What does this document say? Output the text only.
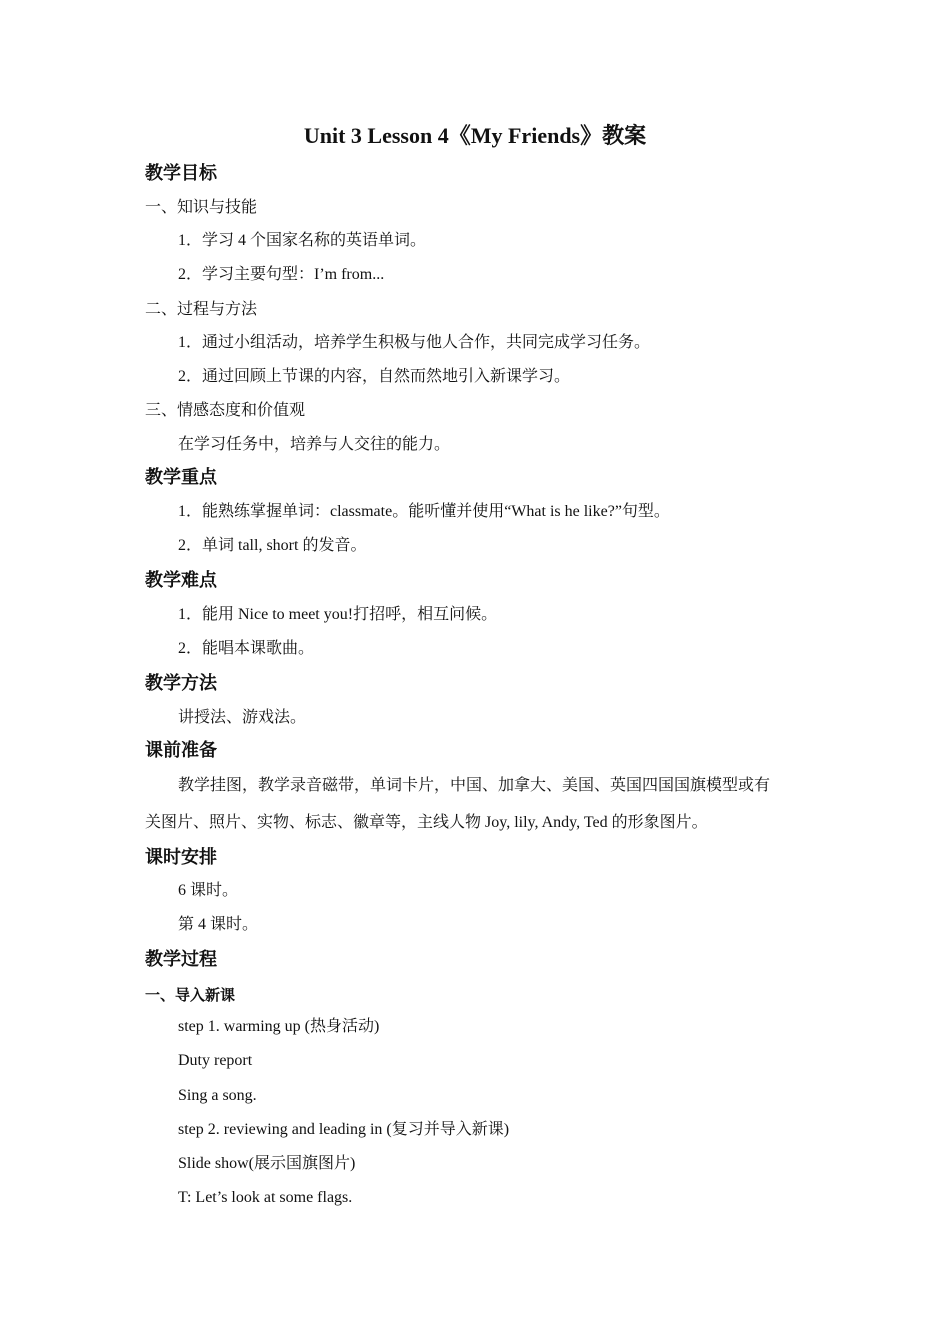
Unit 3 Lesson 4《My Friends》教案
教学目标
一、知识与技能
1．学习 4 个国家名称的英语单词。
2．学习主要句型：I’m from...
二、过程与方法
1．通过小组活动，培养学生积极与他人合作，共同完成学习任务。
2．通过回顾上节课的内容，自然而然地引入新课学习。
三、情感态度和价值观
在学习任务中，培养与人交往的能力。
教学重点
1．能熟练掌握单词：classmate。能听懂并使用“What is he like?”句型。
2．单词 tall, short 的发音。
教学难点
1．能用 Nice to meet you!打招呼，相互问候。
2．能唱本课歌曲。
教学方法
讲授法、游戏法。
课前准备
教学挂图，教学录音磁带，单词卡片，中国、加拿大、美国、英国四国国旗模型或有
关图片、照片、实物、标志、徽章等，主线人物 Joy, lily, Andy, Ted 的形象图片。
课时安排
6 课时。
第 4 课时。
教学过程
一、导入新课
step 1. warming up (热身活动)
Duty report
Sing a song.
step 2. reviewing and leading in (复习并导入新课)
Slide show(展示国旗图片)
T: Let’s look at some flags.
